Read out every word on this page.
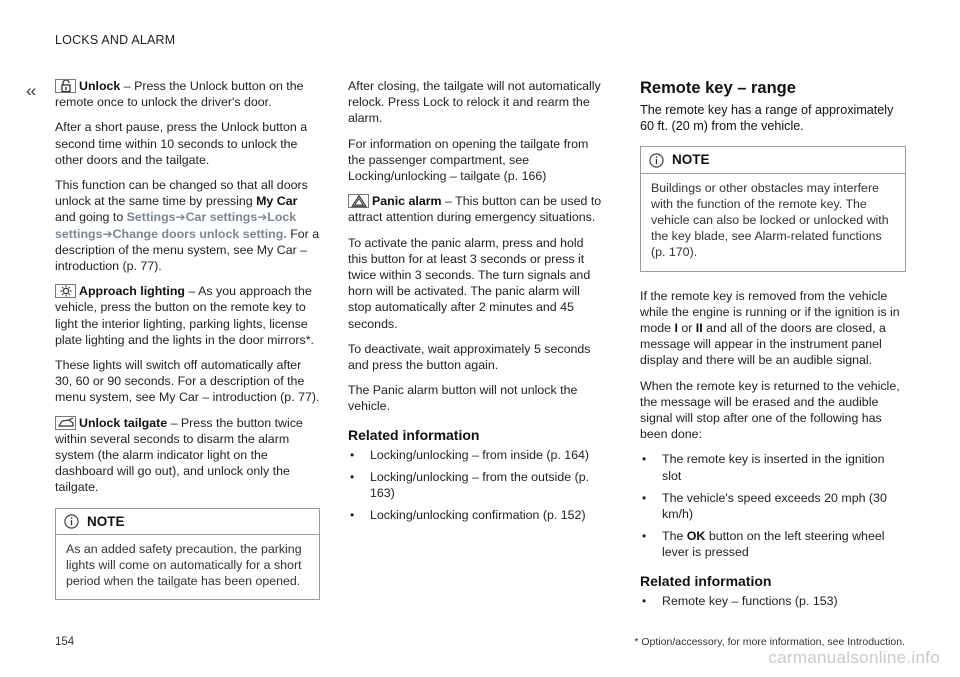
LOCKS AND ALARM
‹‹	Unlock – Press the Unlock button on the remote once to unlock the driver's door.

After a short pause, press the Unlock button a second time within 10 seconds to unlock the other doors and the tailgate.

This function can be changed so that all doors unlock at the same time by pressing My Car and going to Settings➔Car settings➔Lock settings➔Change doors unlock setting. For a description of the menu system, see My Car – introduction (p. 77).

Approach lighting – As you approach the vehicle, press the button on the remote key to light the interior lighting, parking lights, license plate lighting and the lights in the door mirrors*.

These lights will switch off automatically after 30, 60 or 90 seconds. For a description of the menu system, see My Car – introduction (p. 77).

Unlock tailgate – Press the button twice within several seconds to disarm the alarm system (the alarm indicator light on the dashboard will go out), and unlock only the tailgate.

NOTE
As an added safety precaution, the parking lights will come on automatically for a short period when the tailgate has been opened.

After closing, the tailgate will not automatically relock. Press Lock to relock it and rearm the alarm.

For information on opening the tailgate from the passenger compartment, see Locking/unlocking – tailgate (p. 166)

Panic alarm – This button can be used to attract attention during emergency situations.

To activate the panic alarm, press and hold this button for at least 3 seconds or press it twice within 3 seconds. The turn signals and horn will be activated. The panic alarm will stop automatically after 2 minutes and 45 seconds.

To deactivate, wait approximately 5 seconds and press the button again.

The Panic alarm button will not unlock the vehicle.

Related information
• Locking/unlocking – from inside (p. 164)
• Locking/unlocking – from the outside (p. 163)
• Locking/unlocking confirmation (p. 152)
Remote key – range
The remote key has a range of approximately 60 ft. (20 m) from the vehicle.
NOTE
Buildings or other obstacles may interfere with the function of the remote key. The vehicle can also be locked or unlocked with the key blade, see Alarm-related functions (p. 170).

If the remote key is removed from the vehicle while the engine is running or if the ignition is in mode I or II and all of the doors are closed, a message will appear in the instrument panel display and there will be an audible signal.

When the remote key is returned to the vehicle, the message will be erased and the audible signal will stop after one of the following has been done:

• The remote key is inserted in the ignition slot
• The vehicle's speed exceeds 20 mph (30 km/h)
• The OK button on the left steering wheel lever is pressed
Related information
• Remote key – functions (p. 153)
154	* Option/accessory, for more information, see Introduction.
carmanualsonline.info
